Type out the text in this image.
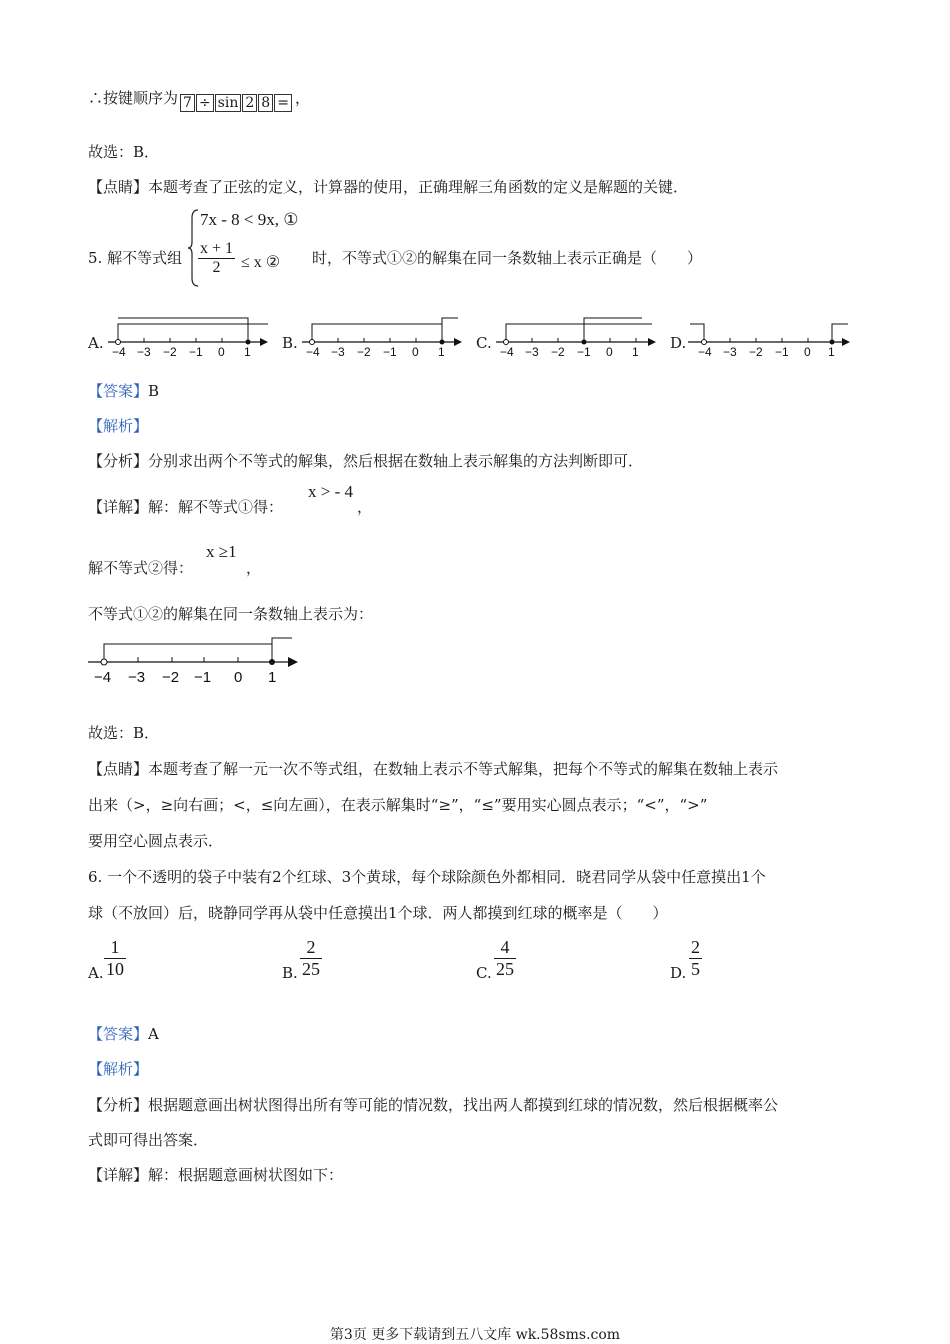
∴按键顺序为 7 ÷ sin 2 8 = ，
故选：B．
【点睛】本题考查了正弦的定义，计算器的使用，正确理解三角函数的定义是解题的关键．
5. 解不等式组
7x - 8 < 9x, ①
$\frac{x + 1}{2} \le x$ ② 时，不等式①②的解集在同一条数轴上表示正确是（　　）
A. −4 −3 −2 −1 0 1 B. −4 −3 −2 −1 0 1 C. −4 −3 −2 −1 0 1 D. −4 −3 −2 −1 0 1
【答案】B
【解析】
【分析】分别求出两个不等式的解集，然后根据在数轴上表示解集的方法判断即可．
【详解】解：解不等式①得：
x > - 4
，
解不等式②得：
x ≥1
，
不等式①②的解集在同一条数轴上表示为：
−4 −3 −2 −1 0 1
故选：B．
【点睛】本题考查了解一元一次不等式组，在数轴上表示不等式解集，把每个不等式的解集在数轴上表示
出来（>，≥向右画；<，≤向左画），在表示解集时“≥”，“≤”要用实心圆点表示；“<”，“>”
要用空心圆点表示．
6. 一个不透明的袋子中装有2个红球、3个黄球，每个球除颜色外都相同．晓君同学从袋中任意摸出1个
球（不放回）后，晓静同学再从袋中任意摸出1个球．两人都摸到红球的概率是（　　）
A. $\frac{1}{10}$	B. $\frac{2}{25}$	C. $\frac{4}{25}$	D. $\frac{2}{5}$
【答案】A
【解析】
【分析】根据题意画出树状图得出所有等可能的情况数，找出两人都摸到红球的情况数，然后根据概率公
式即可得出答案．
【详解】解：根据题意画树状图如下：
第3页 更多下载请到五八文库 wk.58sms.com
